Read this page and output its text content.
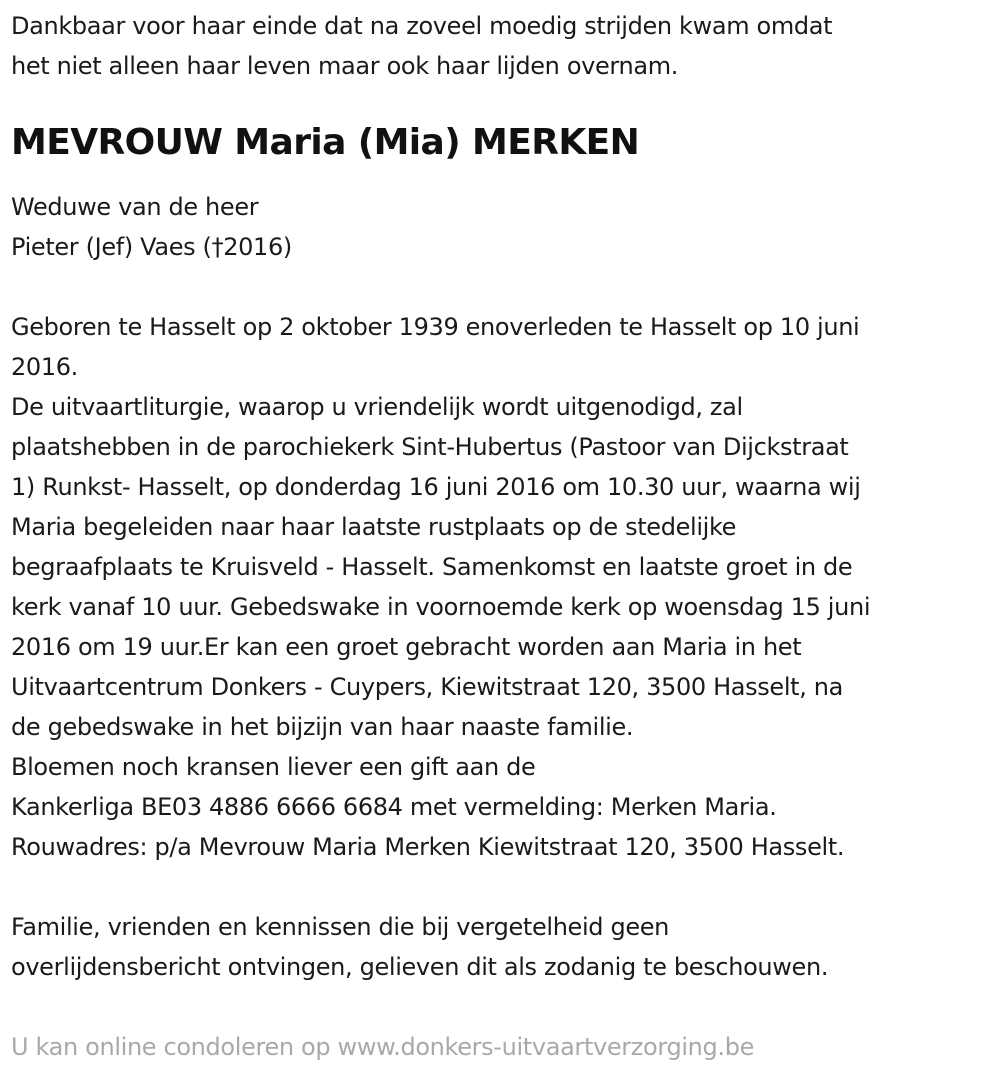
Dankbaar voor haar einde dat na zoveel moedig strijden kwam omdat
het niet alleen haar leven maar ook haar lijden overnam.
MEVROUW Maria (Mia) MERKEN
Weduwe van de heer
Pieter (Jef) Vaes (†2016)
Geboren te Hasselt op 2 oktober 1939 enoverleden te Hasselt op 10 juni
2016.
De uitvaartliturgie, waarop u vriendelijk wordt uitgenodigd, zal
plaatshebben in de parochiekerk Sint-Hubertus (Pastoor van Dijckstraat
1) Runkst- Hasselt, op donderdag 16 juni 2016 om 10.30 uur, waarna wij
Maria begeleiden naar haar laatste rustplaats op de stedelijke
begraafplaats te Kruisveld - Hasselt. Samenkomst en laatste groet in de
kerk vanaf 10 uur. Gebedswake in voornoemde kerk op woensdag 15 juni
2016 om 19 uur.Er kan een groet gebracht worden aan Maria in het
Uitvaartcentrum Donkers - Cuypers, Kiewitstraat 120, 3500 Hasselt, na
de gebedswake in het bijzijn van haar naaste familie.
Bloemen noch kransen liever een gift aan de
Kankerliga BE03 4886 6666 6684 met vermelding: Merken Maria.
Rouwadres: p/a Mevrouw Maria Merken Kiewitstraat 120, 3500 Hasselt.
Familie, vrienden en kennissen die bij vergetelheid geen
overlijdensbericht ontvingen, gelieven dit als zodanig te beschouwen.
U kan online condoleren op www.donkers-uitvaartverzorging.be
